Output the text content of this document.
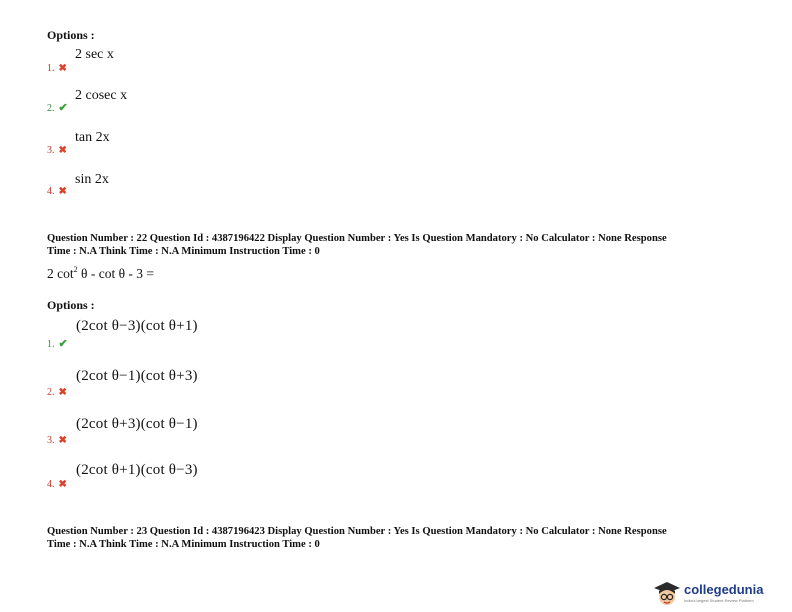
Options :
1. ✖
2 sec x
2. ✔
2 cosec x
3. ✖
tan 2x
4. ✖
sin 2x
Question Number : 22 Question Id : 4387196422 Display Question Number : Yes Is Question Mandatory : No Calculator : None Response
Time : N.A Think Time : N.A Minimum Instruction Time : 0
2 $\cot^2 \theta$ - cot θ - 3 =
Options :
(2cot θ−3)(cot θ+1)
1. ✔
(2cot θ−1)(cot θ+3)
2. ✖
(2cot θ+3)(cot θ−1)
3. ✖
(2cot θ+1)(cot θ−3)
4. ✖
Question Number : 23 Question Id : 4387196423 Display Question Number : Yes Is Question Mandatory : No Calculator : None Response
Time : N.A Think Time : N.A Minimum Instruction Time : 0
collegedunia
India's largest Student Review Platform
